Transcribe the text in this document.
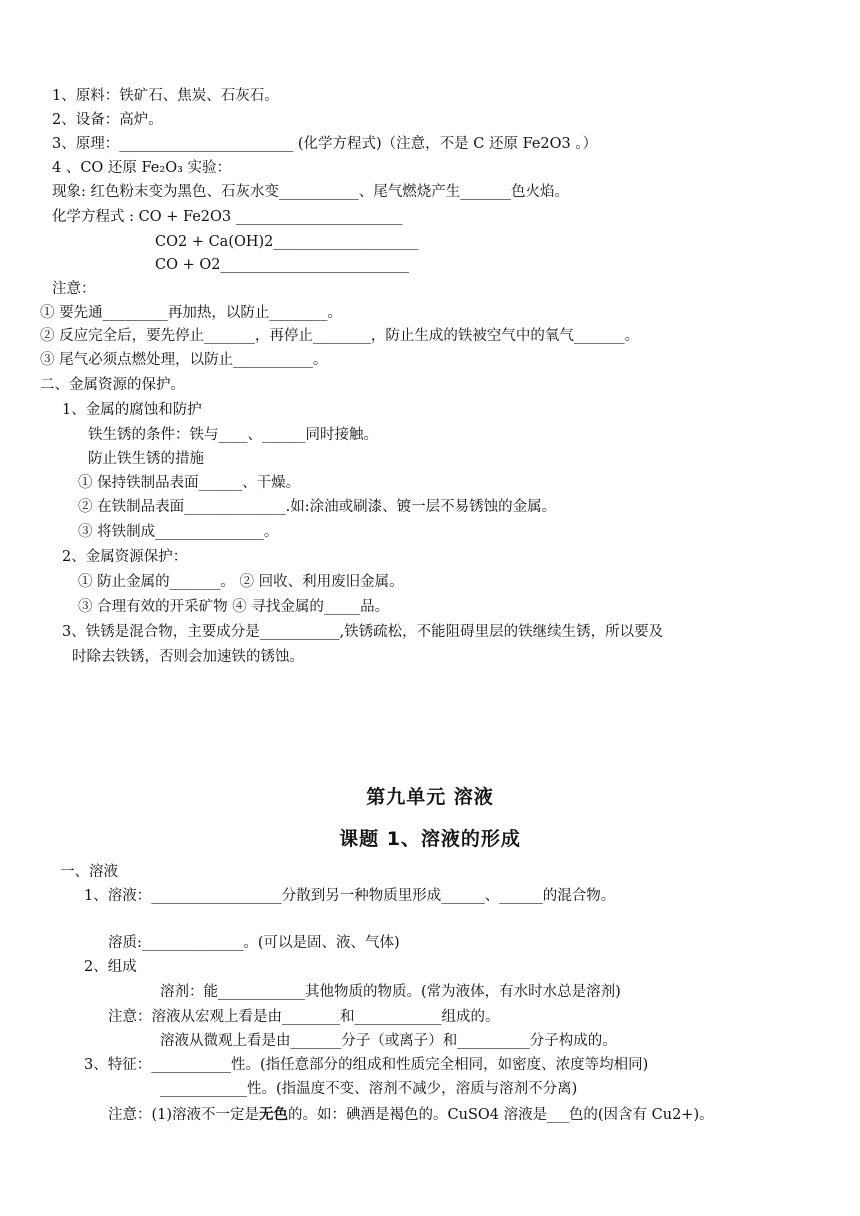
1、原料：铁矿石、焦炭、石灰石。
2、设备：高炉。
3、原理：________________________ (化学方程式)（注意，不是 C 还原 Fe2O3 。）
4 、CO 还原 Fe₂O₃ 实验：
现象: 红色粉末变为黑色、石灰水变___________、尾气燃烧产生_______色火焰。
化学方程式 : CO + Fe2O3 _______________________
CO2 + Ca(OH)2____________________
CO + O2__________________________
注意：
① 要先通_________再加热，以防止________。
② 反应完全后，要先停止_______，再停止________，防止生成的铁被空气中的氧气_______。
③ 尾气必须点燃处理，以防止___________。
二、金属资源的保护。
1、金属的腐蚀和防护
铁生锈的条件：铁与____、______同时接触。
防止铁生锈的措施
① 保持铁制品表面______、干燥。
② 在铁制品表面______________.如:涂油或刷漆、镀一层不易锈蚀的金属。
③ 将铁制成_______________。
2、金属资源保护：
① 防止金属的_______。 ② 回收、利用废旧金属。
③ 合理有效的开采矿物 ④ 寻找金属的_____品。
3、铁锈是混合物，主要成分是___________,铁锈疏松，不能阻碍里层的铁继续生锈，所以要及
时除去铁锈，否则会加速铁的锈蚀。
第九单元 溶液
课题 1、溶液的形成
一、溶液
1、溶液：__________________分散到另一种物质里形成______、______的混合物。
溶质:______________。(可以是固、液、气体)
2、组成
溶剂：能____________其他物质的物质。(常为液体，有水时水总是溶剂)
注意：溶液从宏观上看是由________和____________组成的。
溶液从微观上看是由_______分子（或离子）和__________分子构成的。
3、特征：___________性。(指任意部分的组成和性质完全相同，如密度、浓度等均相同)
____________性。(指温度不变、溶剂不减少，溶质与溶剂不分离)
注意：(1)溶液不一定是无色的。如：碘酒是褐色的。CuSO4 溶液是___色的(因含有 Cu2+)。
